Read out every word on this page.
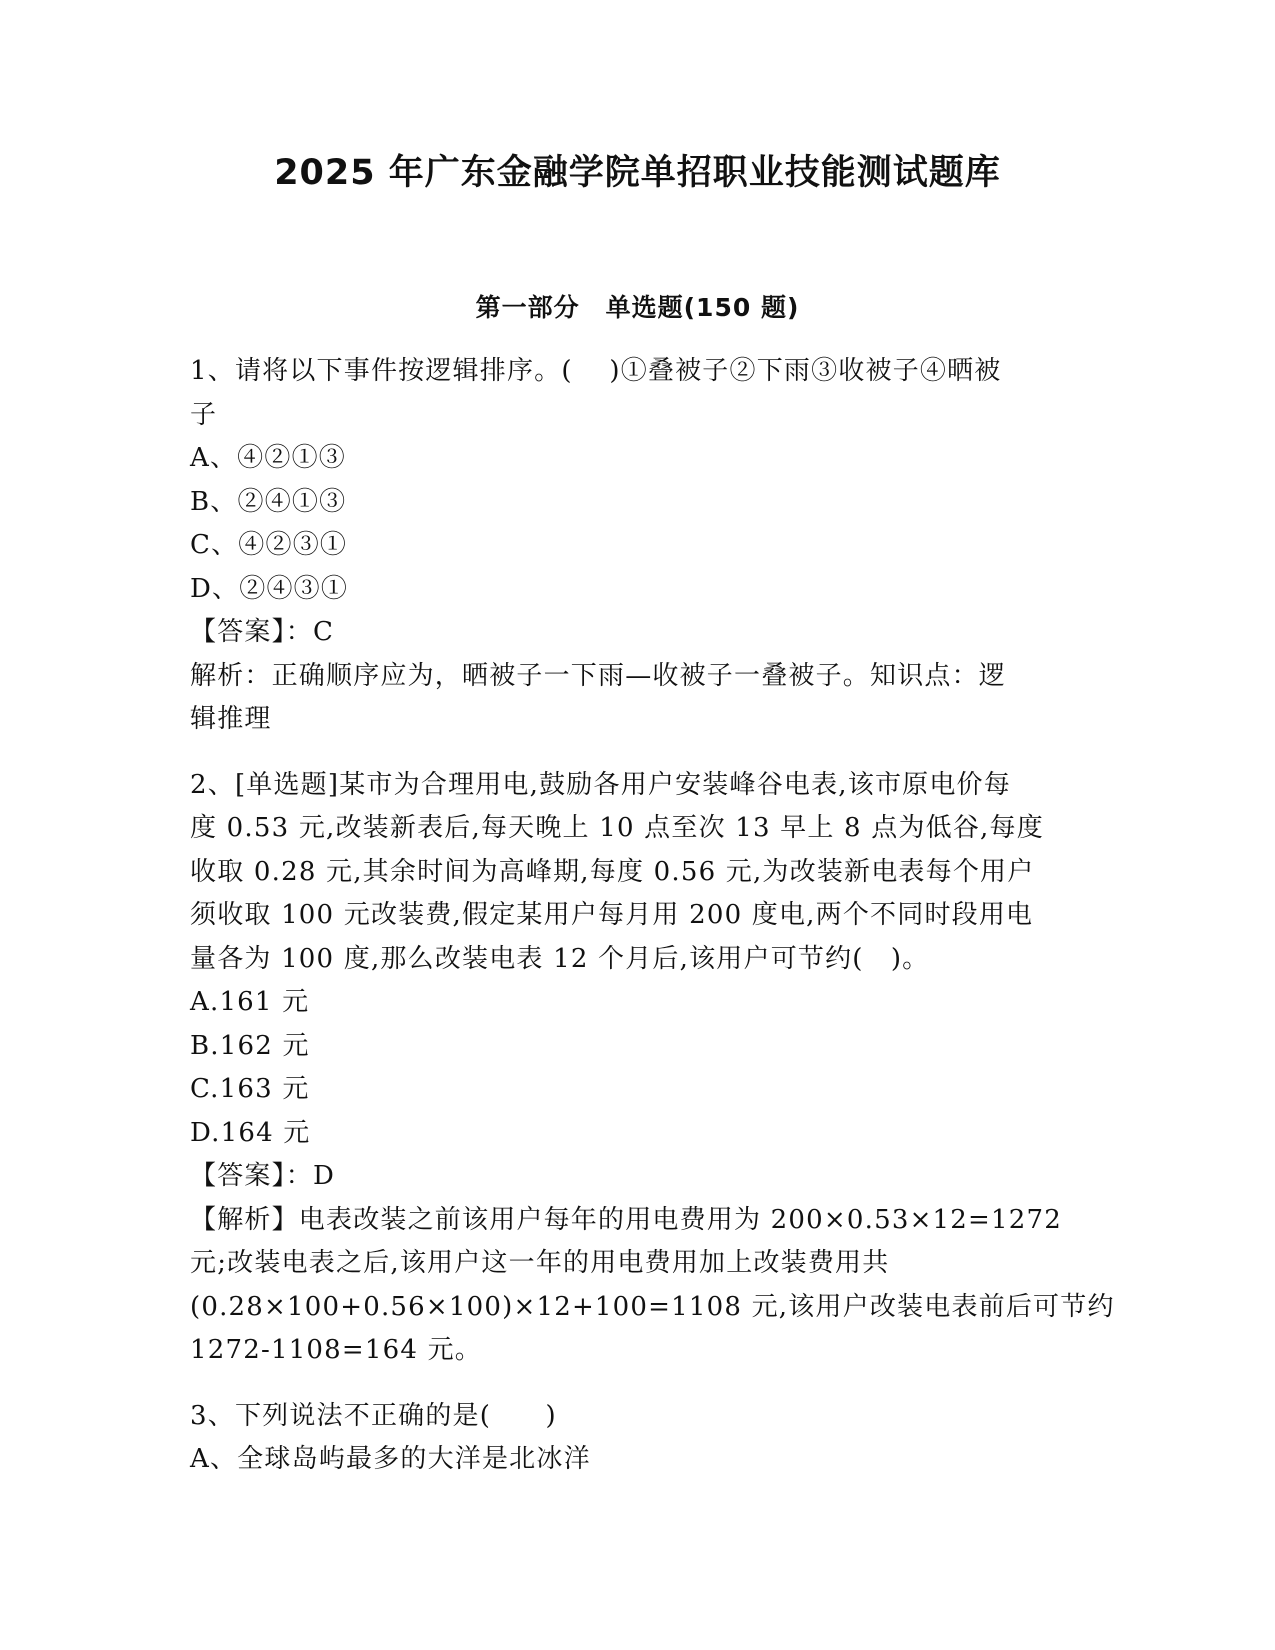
2025 年广东金融学院单招职业技能测试题库
第一部分　单选题(150 题)
1、请将以下事件按逻辑排序。(　 )①叠被子②下雨③收被子④晒被
子
A、④②①③
B、②④①③
C、④②③①
D、②④③①
【答案】：C
解析：正确顺序应为，晒被子一下雨—收被子一叠被子。知识点：逻
辑推理
2、[单选题]某市为合理用电,鼓励各用户安装峰谷电表,该市原电价每
度 0.53 元,改装新表后,每天晚上 10 点至次 13 早上 8 点为低谷,每度
收取 0.28 元,其余时间为高峰期,每度 0.56 元,为改装新电表每个用户
须收取 100 元改装费,假定某用户每月用 200 度电,两个不同时段用电
量各为 100 度,那么改装电表 12 个月后,该用户可节约(　)。
A.161 元
B.162 元
C.163 元
D.164 元
【答案】：D
【解析】电表改装之前该用户每年的用电费用为 200×0.53×12=1272
元;改装电表之后,该用户这一年的用电费用加上改装费用共
(0.28×100+0.56×100)×12+100=1108 元,该用户改装电表前后可节约
1272-1108=164 元。
3、下列说法不正确的是(　　)
A、全球岛屿最多的大洋是北冰洋
